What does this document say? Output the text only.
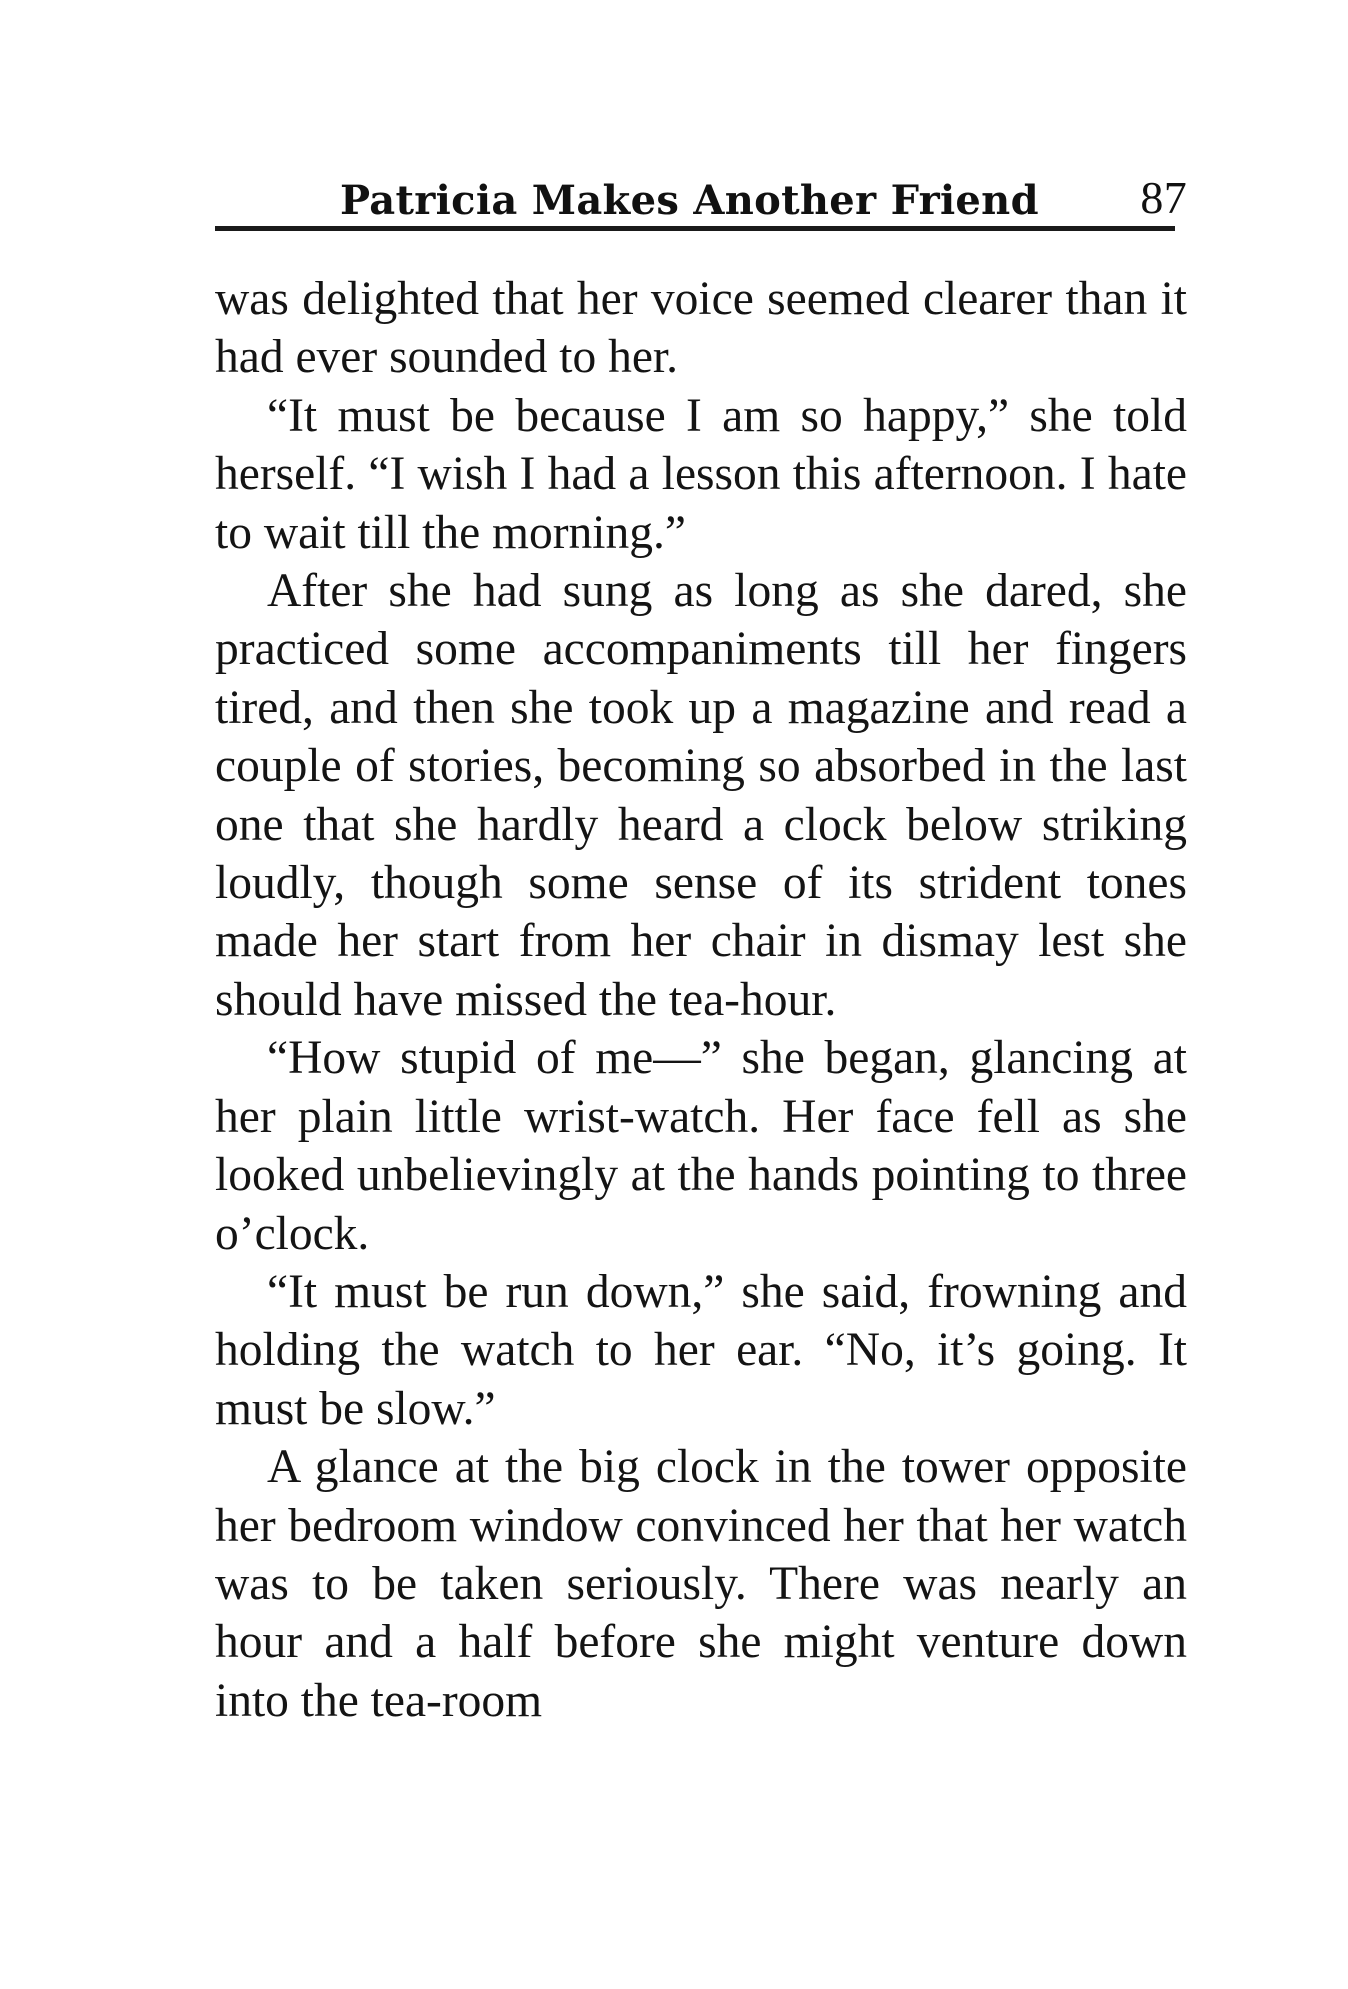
Patricia Makes Another Friend 87

was delighted that her voice seemed clearer than it had ever sounded to her.

“It must be because I am so happy,” she told herself. “I wish I had a lesson this afternoon. I hate to wait till the morning.”

After she had sung as long as she dared, she practiced some accompaniments till her fingers tired, and then she took up a magazine and read a couple of stories, becoming so absorbed in the last one that she hardly heard a clock below striking loudly, though some sense of its strident tones made her start from her chair in dismay lest she should have missed the tea-hour.

“How stupid of me—” she began, glancing at her plain little wrist-watch. Her face fell as she looked unbelievingly at the hands pointing to three o’clock.

“It must be run down,” she said, frowning and holding the watch to her ear. “No, it’s going. It must be slow.”

A glance at the big clock in the tower opposite her bedroom window convinced her that her watch was to be taken seriously. There was nearly an hour and a half before she might venture down into the tea-room
